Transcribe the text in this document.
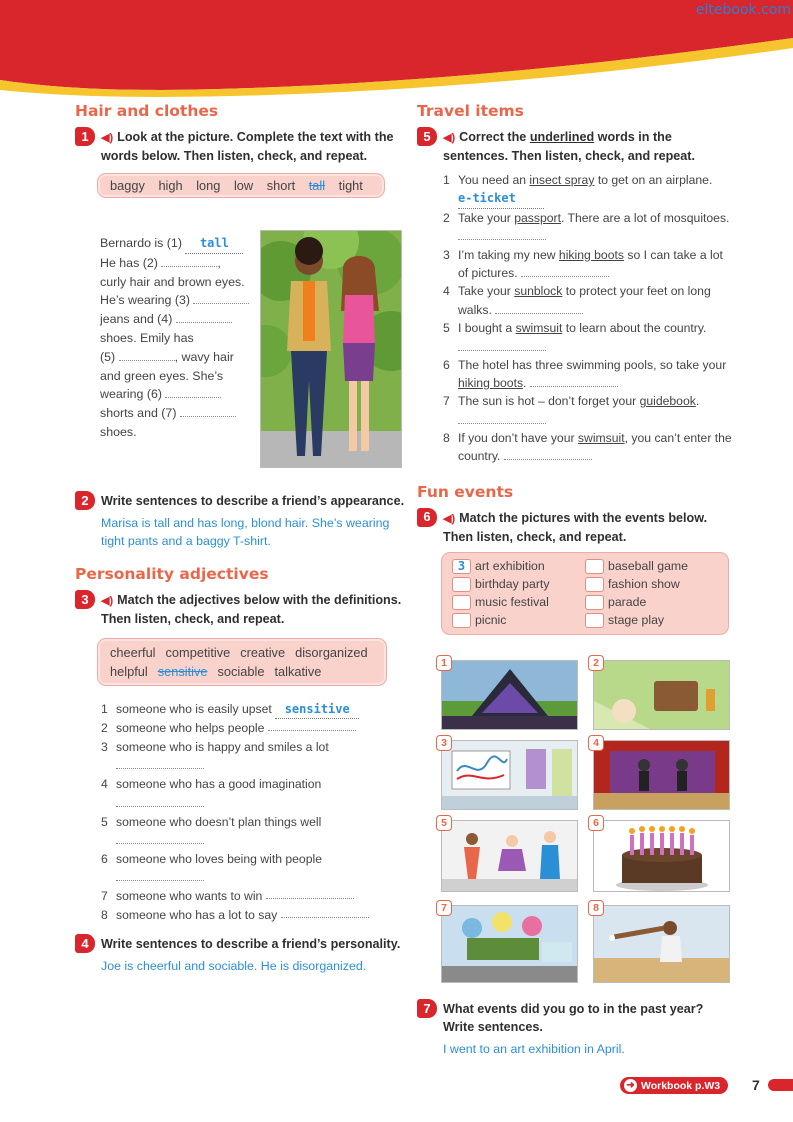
eltebook.com
Hair and clothes
1	◀) Look at the picture. Complete the text with the words below. Then listen, check, and repeat.
baggy high long low short tall tight
Bernardo is (1) tall
He has (2)	,
curly hair and brown eyes.
He’s wearing (3)
jeans and (4)
shoes. Emily has
(5)	, wavy hair
and green eyes. She’s
wearing (6)
shorts and (7)
shoes.
2 Write sentences to describe a friend’s appearance.
Marisa is tall and has long, blond hair. She’s wearing tight pants and a baggy T-shirt.
Personality adjectives
3	◀) Match the adjectives below with the definitions. Then listen, check, and repeat.
cheerful competitive creative disorganized
helpful sensitive sociable talkative
1 someone who is easily upset
	sensitive
2 someone who helps people

3 someone who is happy and smiles a lot
4 someone who has a good imagination
5 someone who doesn’t plan things well
6 someone who loves being with people
7 someone who wants to win

8 someone who has a lot to say

4 Write sentences to describe a friend’s personality.
Joe is cheerful and sociable. He is disorganized.
Travel items
5	◀) Correct the underlined words in the sentences. Then listen, check, and repeat.
1 You need an insect spray to get on an airplane.
e-ticket
2 Take your passport. There are a lot of mosquitoes.
3 I’m taking my new hiking boots so I can take a lot of pictures.
4 Take your sunblock to protect your feet on long walks.
5 I bought a swimsuit to learn about the country.
6 The hotel has three swimming pools, so take your hiking boots.
7 The sun is hot – don’t forget your guidebook.
8 If you don’t have your swimsuit, you can’t enter the country.
Fun events
6	◀) Match the pictures with the events below. Then listen, check, and repeat.
3 art exhibition	baseball game
birthday party	fashion show
music festival	parade
picnic	stage play
1	2
3	4
5	6
7	8
7 What events did you go to in the past year? Write sentences.
I went to an art exhibition in April.
➜ Workbook p.W3 7
